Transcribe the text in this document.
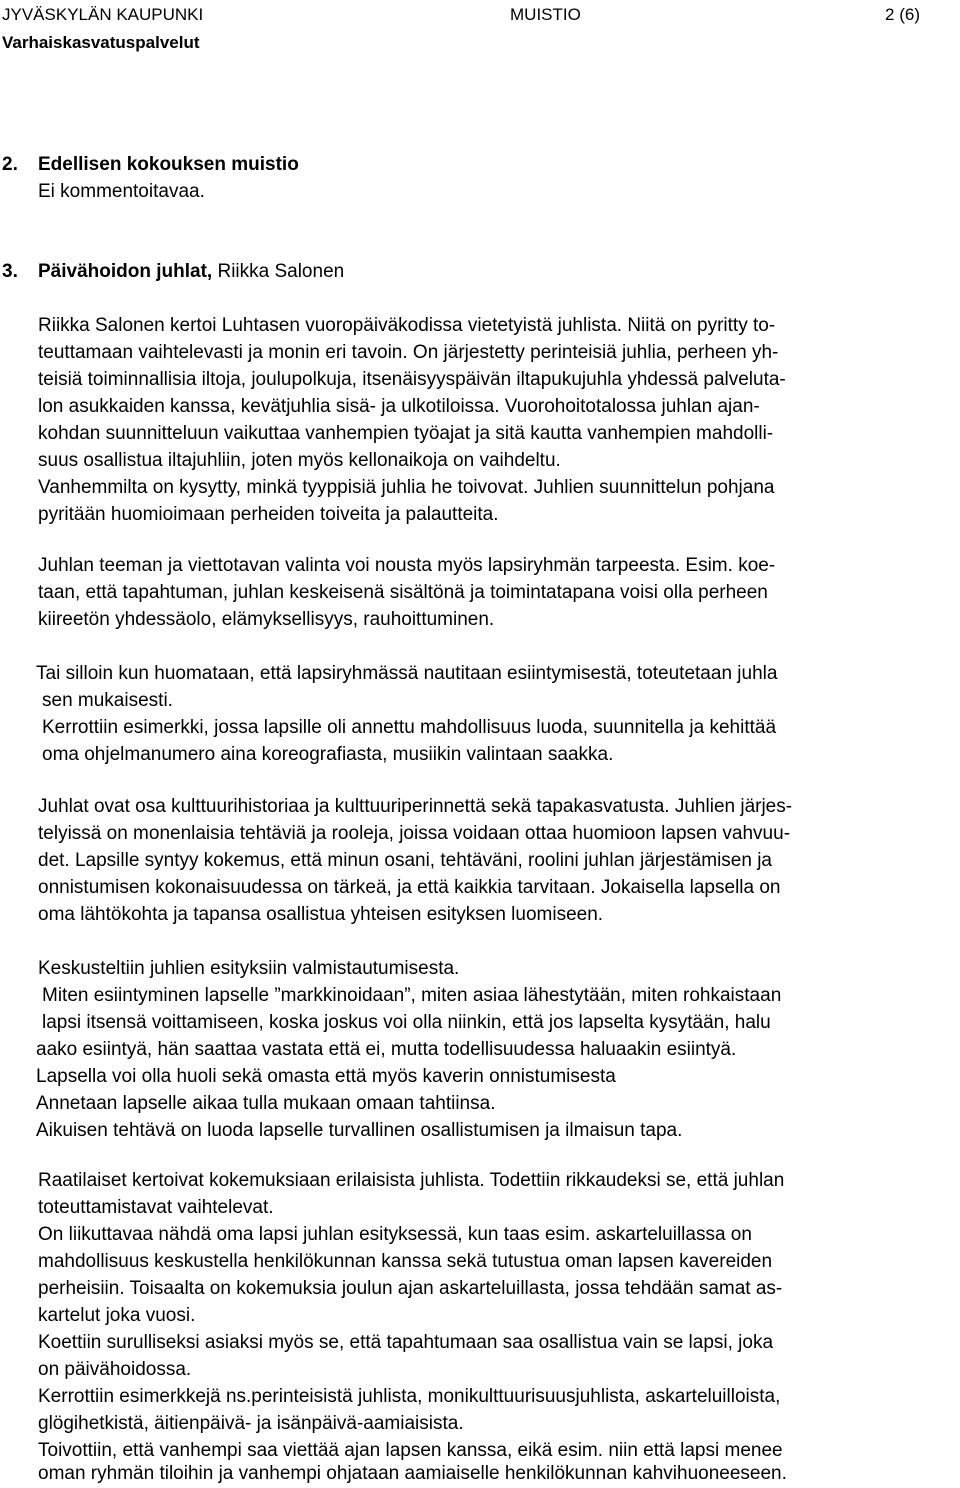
JYVÄSKYLÄN KAUPUNKI	MUISTIO	2 (6)
Varhaiskasvatuspalvelut
2. Edellisen kokouksen muistio
Ei kommentoitavaa.
3. Päivähoidon juhlat, Riikka Salonen
Riikka Salonen kertoi Luhtasen vuoropäiväkodissa vietetyistä juhlista. Niitä on pyritty to-
teuttamaan vaihtelevasti ja monin eri tavoin. On järjestetty perinteisiä juhlia, perheen yh-
teisiä toiminnallisia iltoja, joulupolkuja, itsenäisyyspäivän iltapukujuhla yhdessä palveluta-
lon asukkaiden kanssa, kevätjuhlia sisä- ja ulkotiloissa. Vuorohoitotalossa juhlan ajan-
kohdan suunnitteluun vaikuttaa vanhempien työajat ja sitä kautta vanhempien mahdolli-
suus osallistua iltajuhliin, joten myös kellonaikoja on vaihdeltu.
Vanhemmilta on kysytty, minkä tyyppisiä juhlia he toivovat. Juhlien suunnittelun pohjana
pyritään huomioimaan perheiden toiveita ja palautteita.
Juhlan teeman ja viettotavan valinta voi nousta myös lapsiryhmän tarpeesta. Esim. koe-
taan, että tapahtuman, juhlan keskeisenä sisältönä ja toimintatapana voisi olla perheen
kiireetön yhdessäolo, elämyksellisyys, rauhoittuminen.
Tai silloin kun huomataan, että lapsiryhmässä nautitaan esiintymisestä, toteutetaan juhla
sen mukaisesti.
Kerrottiin esimerkki, jossa lapsille oli annettu mahdollisuus luoda, suunnitella ja kehittää
oma ohjelmanumero aina koreografiasta, musiikin valintaan saakka.
Juhlat ovat osa kulttuurihistoriaa ja kulttuuriperinnettä sekä tapakasvatusta. Juhlien järjes-
telyissä on monenlaisia tehtäviä ja rooleja, joissa voidaan ottaa huomioon lapsen vahvuu-
det. Lapsille syntyy kokemus, että minun osani, tehtäväni, roolini juhlan järjestämisen ja
onnistumisen kokonaisuudessa on tärkeä, ja että kaikkia tarvitaan. Jokaisella lapsella on
oma lähtökohta ja tapansa osallistua yhteisen esityksen luomiseen.
Keskusteltiin juhlien esityksiin valmistautumisesta.
Miten esiintyminen lapselle ”markkinoidaan”, miten asiaa lähestytään, miten rohkaistaan
lapsi itsensä voittamiseen, koska joskus voi olla niinkin, että jos lapselta kysytään, halu
aako esiintyä, hän saattaa vastata että ei, mutta todellisuudessa haluaakin esiintyä.
Lapsella voi olla huoli sekä omasta että myös kaverin onnistumisesta
Annetaan lapselle aikaa tulla mukaan omaan tahtiinsa.
Aikuisen tehtävä on luoda lapselle turvallinen osallistumisen ja ilmaisun tapa.
Raatilaiset kertoivat kokemuksiaan erilaisista juhlista. Todettiin rikkaudeksi se, että juhlan
toteuttamistavat vaihtelevat.
On liikuttavaa nähdä oma lapsi juhlan esityksessä, kun taas esim. askarteluillassa on
mahdollisuus keskustella henkilökunnan kanssa sekä tutustua oman lapsen kavereiden
perheisiin. Toisaalta on kokemuksia joulun ajan askarteluillasta, jossa tehdään samat as-
kartelut joka vuosi.
Koettiin surulliseksi asiaksi myös se, että tapahtumaan saa osallistua vain se lapsi, joka
on päivähoidossa.
Kerrottiin esimerkkejä ns.perinteisistä juhlista, monikulttuurisuusjuhlista, askarteluilloista,
glögihetkistä, äitienpäivä- ja isänpäivä-aamiaisista.
Toivottiin, että vanhempi saa viettää ajan lapsen kanssa, eikä esim. niin että lapsi menee
oman ryhmän tiloihin ja vanhempi ohjataan aamiaiselle henkilökunnan kahvihuoneeseen.
